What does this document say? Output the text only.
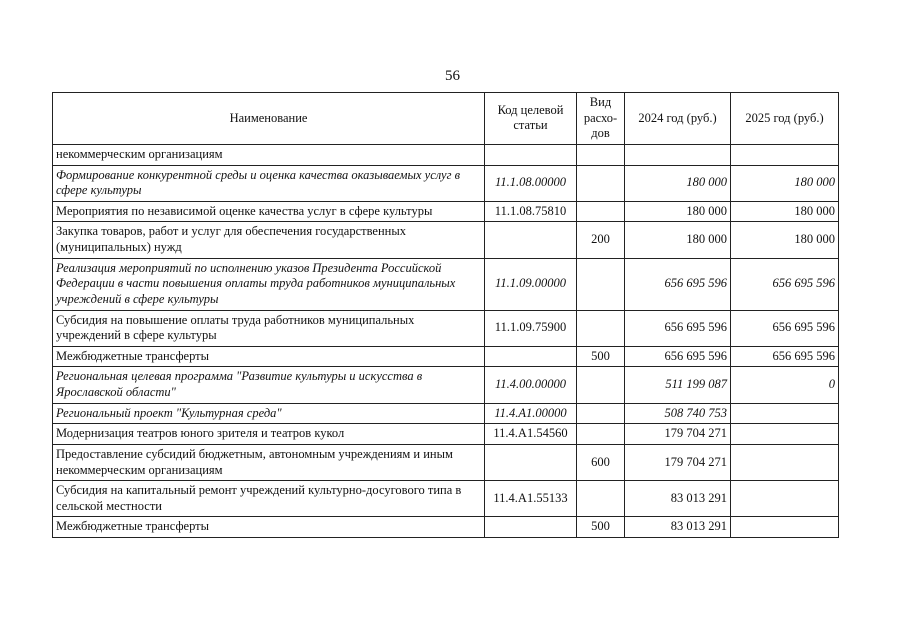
56
Наименование	Код целевой статьи	Вид расхо-дов	2024 год (руб.)	2025 год (руб.)
некоммерческим организациям				
Формирование конкурентной среды и оценка качества оказываемых услуг в сфере культуры	11.1.08.00000		180 000	180 000
Мероприятия по независимой оценке качества услуг в сфере культуры	11.1.08.75810		180 000	180 000
Закупка товаров, работ и услуг для обеспечения государственных (муниципальных) нужд		200	180 000	180 000
Реализация мероприятий по исполнению указов Президента Российской Федерации в части повышения оплаты труда работников муниципальных учреждений в сфере культуры	11.1.09.00000		656 695 596	656 695 596
Субсидия на повышение оплаты труда работников муниципальных учреждений в сфере культуры	11.1.09.75900		656 695 596	656 695 596
Межбюджетные трансферты		500	656 695 596	656 695 596
Региональная целевая программа "Развитие культуры и искусства в Ярославской области"	11.4.00.00000		511 199 087	0
Региональный проект "Культурная среда"	11.4.A1.00000		508 740 753	
Модернизация театров юного зрителя и театров кукол	11.4.A1.54560		179 704 271	
Предоставление субсидий бюджетным, автономным учреждениям и иным некоммерческим организациям		600	179 704 271	
Субсидия на капитальный ремонт учреждений культурно-досугового типа в сельской местности	11.4.A1.55133		83 013 291	
Межбюджетные трансферты		500	83 013 291	
